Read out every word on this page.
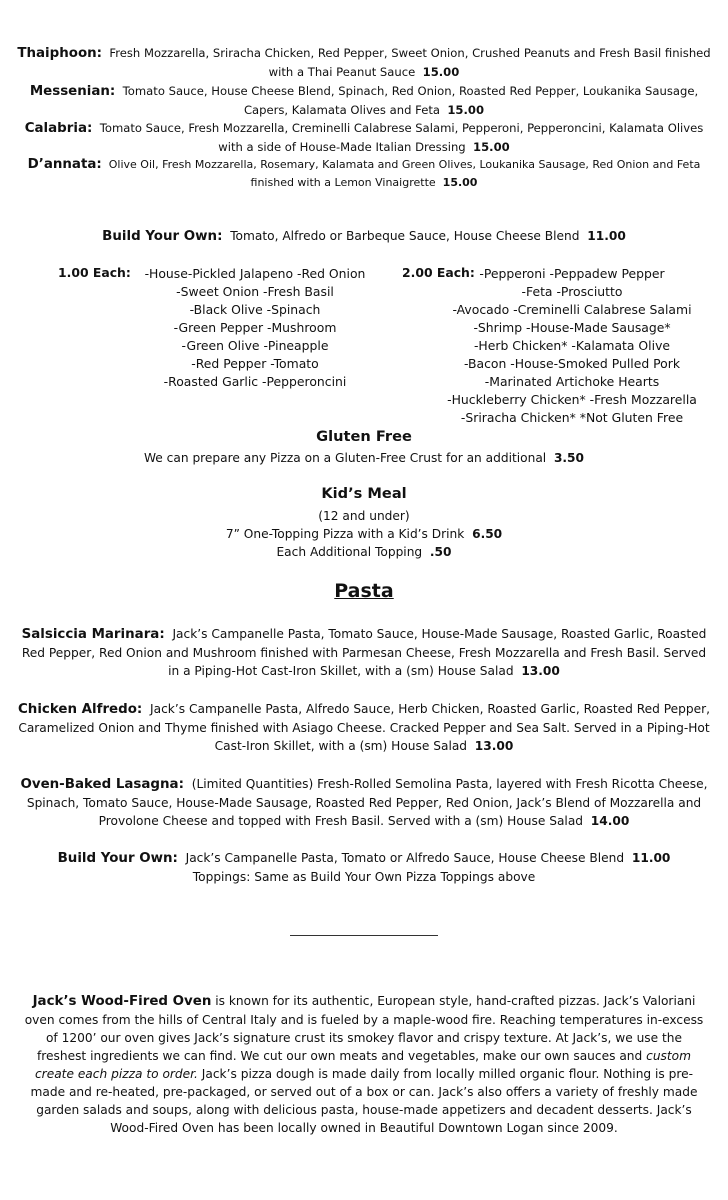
Thaiphoon: Fresh Mozzarella, Sriracha Chicken, Red Pepper, Sweet Onion, Crushed Peanuts and Fresh Basil finished with a Thai Peanut Sauce 15.00
Messenian: Tomato Sauce, House Cheese Blend, Spinach, Red Onion, Roasted Red Pepper, Loukanika Sausage, Capers, Kalamata Olives and Feta 15.00
Calabria: Tomato Sauce, Fresh Mozzarella, Creminelli Calabrese Salami, Pepperoni, Pepperoncini, Kalamata Olives with a side of House-Made Italian Dressing 15.00
D’annata: Olive Oil, Fresh Mozzarella, Rosemary, Kalamata and Green Olives, Loukanika Sausage, Red Onion and Feta finished with a Lemon Vinaigrette 15.00
Build Your Own: Tomato, Alfredo or Barbeque Sauce, House Cheese Blend 11.00
1.00 Each:	-House-Pickled Jalapeno -Red Onion
-Sweet Onion -Fresh Basil
-Black Olive -Spinach
-Green Pepper -Mushroom
-Green Olive -Pineapple
-Red Pepper -Tomato
-Roasted Garlic -Pepperoncini
2.00 Each: -Pepperoni -Peppadew Pepper
-Feta -Prosciutto
-Avocado -Creminelli Calabrese Salami
-Shrimp -House-Made Sausage*
-Herb Chicken* -Kalamata Olive
-Bacon -House-Smoked Pulled Pork
-Marinated Artichoke Hearts
-Huckleberry Chicken* -Fresh Mozzarella
-Sriracha Chicken* *Not Gluten Free
Gluten Free
We can prepare any Pizza on a Gluten-Free Crust for an additional 3.50
Kid’s Meal
(12 and under)
7” One-Topping Pizza with a Kid’s Drink 6.50
Each Additional Topping .50
Pasta
Salsiccia Marinara: Jack’s Campanelle Pasta, Tomato Sauce, House-Made Sausage, Roasted Garlic, Roasted Red Pepper, Red Onion and Mushroom finished with Parmesan Cheese, Fresh Mozzarella and Fresh Basil. Served in a Piping-Hot Cast-Iron Skillet, with a (sm) House Salad 13.00
Chicken Alfredo: Jack’s Campanelle Pasta, Alfredo Sauce, Herb Chicken, Roasted Garlic, Roasted Red Pepper, Caramelized Onion and Thyme finished with Asiago Cheese. Cracked Pepper and Sea Salt. Served in a Piping-Hot Cast-Iron Skillet, with a (sm) House Salad 13.00
Oven-Baked Lasagna: (Limited Quantities) Fresh-Rolled Semolina Pasta, layered with Fresh Ricotta Cheese, Spinach, Tomato Sauce, House-Made Sausage, Roasted Red Pepper, Red Onion, Jack’s Blend of Mozzarella and Provolone Cheese and topped with Fresh Basil. Served with a (sm) House Salad 14.00
Build Your Own: Jack’s Campanelle Pasta, Tomato or Alfredo Sauce, House Cheese Blend 11.00
Toppings: Same as Build Your Own Pizza Toppings above
Jack’s Wood-Fired Oven is known for its authentic, European style, hand-crafted pizzas. Jack’s Valoriani oven comes from the hills of Central Italy and is fueled by a maple-wood fire. Reaching temperatures in-excess of 1200’ our oven gives Jack’s signature crust its smokey flavor and crispy texture. At Jack’s, we use the freshest ingredients we can find. We cut our own meats and vegetables, make our own sauces and custom create each pizza to order. Jack’s pizza dough is made daily from locally milled organic flour. Nothing is pre-made and re-heated, pre-packaged, or served out of a box or can. Jack’s also offers a variety of freshly made garden salads and soups, along with delicious pasta, house-made appetizers and decadent desserts. Jack’s Wood-Fired Oven has been locally owned in Beautiful Downtown Logan since 2009.
